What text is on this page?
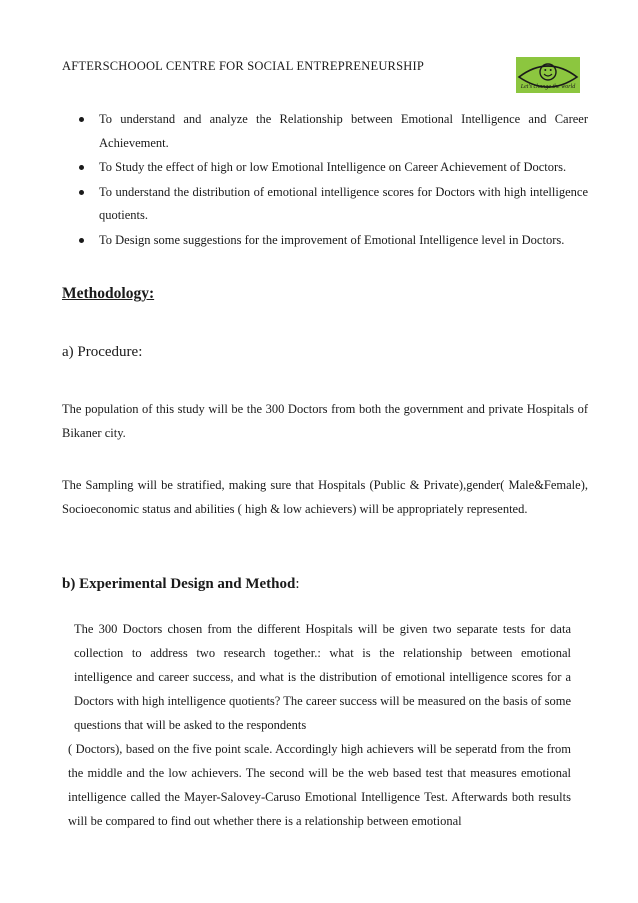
AFTERSCHOOOL CENTRE FOR SOCIAL ENTREPRENEURSHIP
Let's change the world
To understand and analyze the Relationship between Emotional Intelligence and Career Achievement.
To Study the effect of high or low Emotional Intelligence on Career Achievement of Doctors.
To understand the distribution of emotional intelligence scores for Doctors with high intelligence quotients.
To Design some suggestions for the improvement of Emotional Intelligence level in Doctors.
Methodology:
a) Procedure:
The population of this study will be the 300 Doctors from both the government and private Hospitals of Bikaner city.
The Sampling will be stratified, making sure that Hospitals (Public & Private),gender( Male&Female), Socioeconomic status and abilities ( high & low achievers) will be appropriately represented.
b) Experimental Design and Method:

The 300 Doctors chosen from the different Hospitals will be given two separate tests for data collection to address two research together.: what is the relationship between emotional intelligence and career success, and what is the distribution of emotional intelligence scores for a Doctors with high intelligence quotients? The career success will be measured on the basis of some questions that will be asked to the respondents

( Doctors), based on the five point scale. Accordingly high achievers will be seperatd from the from the middle and the low achievers. The second will be the web based test that measures emotional intelligence called the Mayer-Salovey-Caruso Emotional Intelligence Test. Afterwards both results will be compared to find out whether there is a relationship between emotional
